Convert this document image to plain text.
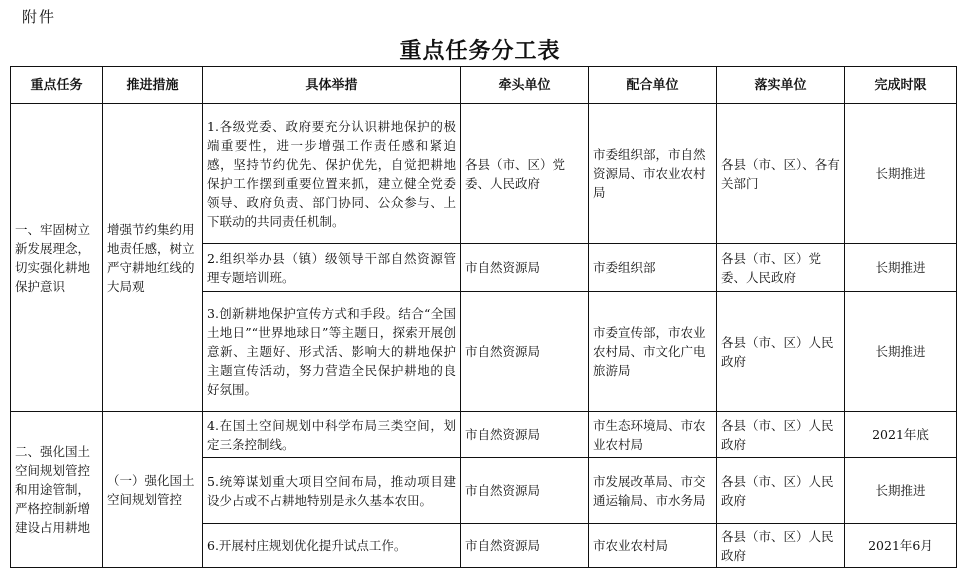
附件
重点任务分工表
重点任务	推进措施	具体举措	牵头单位	配合单位	落实单位	完成时限
一、牢固树立新发展理念，切实强化耕地保护意识	增强节约集约用地责任感，树立严守耕地红线的大局观	1.各级党委、政府要充分认识耕地保护的极端重要性，进一步增强工作责任感和紧迫感，坚持节约优先、保护优先，自觉把耕地保护工作摆到重要位置来抓，建立健全党委领导、政府负责、部门协同、公众参与、上下联动的共同责任机制。	各县（市、区）党委、人民政府	市委组织部，市自然资源局、市农业农村局	各县（市、区）、各有关部门	长期推进
		2.组织举办县（镇）级领导干部自然资源管理专题培训班。	市自然资源局	市委组织部	各县（市、区）党委、人民政府	长期推进
		3.创新耕地保护宣传方式和手段。结合“全国土地日”“世界地球日”等主题日，探索开展创意新、主题好、形式活、影响大的耕地保护主题宣传活动，努力营造全民保护耕地的良好氛围。	市自然资源局	市委宣传部，市农业农村局、市文化广电旅游局	各县（市、区）人民政府	长期推进
二、强化国土空间规划管控和用途管制，严格控制新增建设占用耕地	（一）强化国土空间规划管控	4.在国土空间规划中科学布局三类空间，划定三条控制线。	市自然资源局	市生态环境局、市农业农村局	各县（市、区）人民政府	2021年底
		5.统筹谋划重大项目空间布局，推动项目建设少占或不占耕地特别是永久基本农田。	市自然资源局	市发展改革局、市交通运输局、市水务局	各县（市、区）人民政府	长期推进
		6.开展村庄规划优化提升试点工作。	市自然资源局	市农业农村局	各县（市、区）人民政府	2021年6月
